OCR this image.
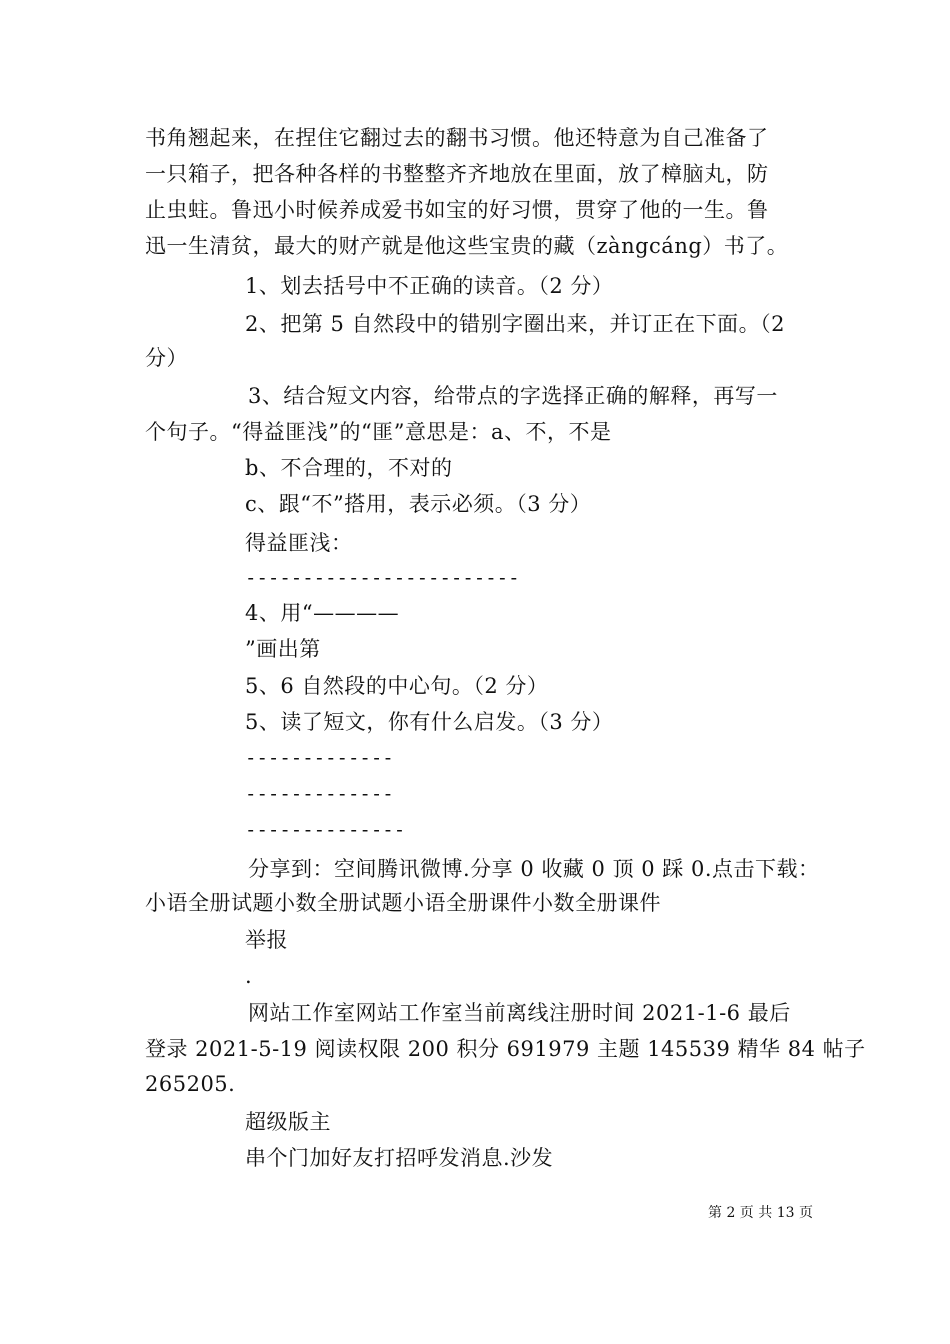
书角翘起来，在捏住它翻过去的翻书习惯。他还特意为自己准备了
一只箱子，把各种各样的书整整齐齐地放在里面，放了樟脑丸，防
止虫蛀。鲁迅小时候养成爱书如宝的好习惯，贯穿了他的一生。鲁
迅一生清贫，最大的财产就是他这些宝贵的藏（zàngcáng）书了。
1、划去括号中不正确的读音。（2 分）
2、把第 5 自然段中的错别字圈出来，并订正在下面。（2
分）
3、结合短文内容，给带点的字选择正确的解释，再写一
个句子。“得益匪浅”的“匪”意思是：a、不，不是
b、不合理的，不对的
c、跟“不”搭用，表示必须。（3 分）
得益匪浅：
------------------------
4、用“————
”画出第
5、6 自然段的中心句。（2 分）
5、读了短文，你有什么启发。（3 分）
-------------
-------------
--------------
分享到：空间腾讯微博.分享 0 收藏 0 顶 0 踩 0.点击下载：
小语全册试题小数全册试题小语全册课件小数全册课件
举报
.
网站工作室网站工作室当前离线注册时间 2021-1-6 最后
登录 2021-5-19 阅读权限 200 积分 691979 主题 145539 精华 84 帖子
265205.
超级版主
串个门加好友打招呼发消息.沙发
第 2 页 共 13 页
